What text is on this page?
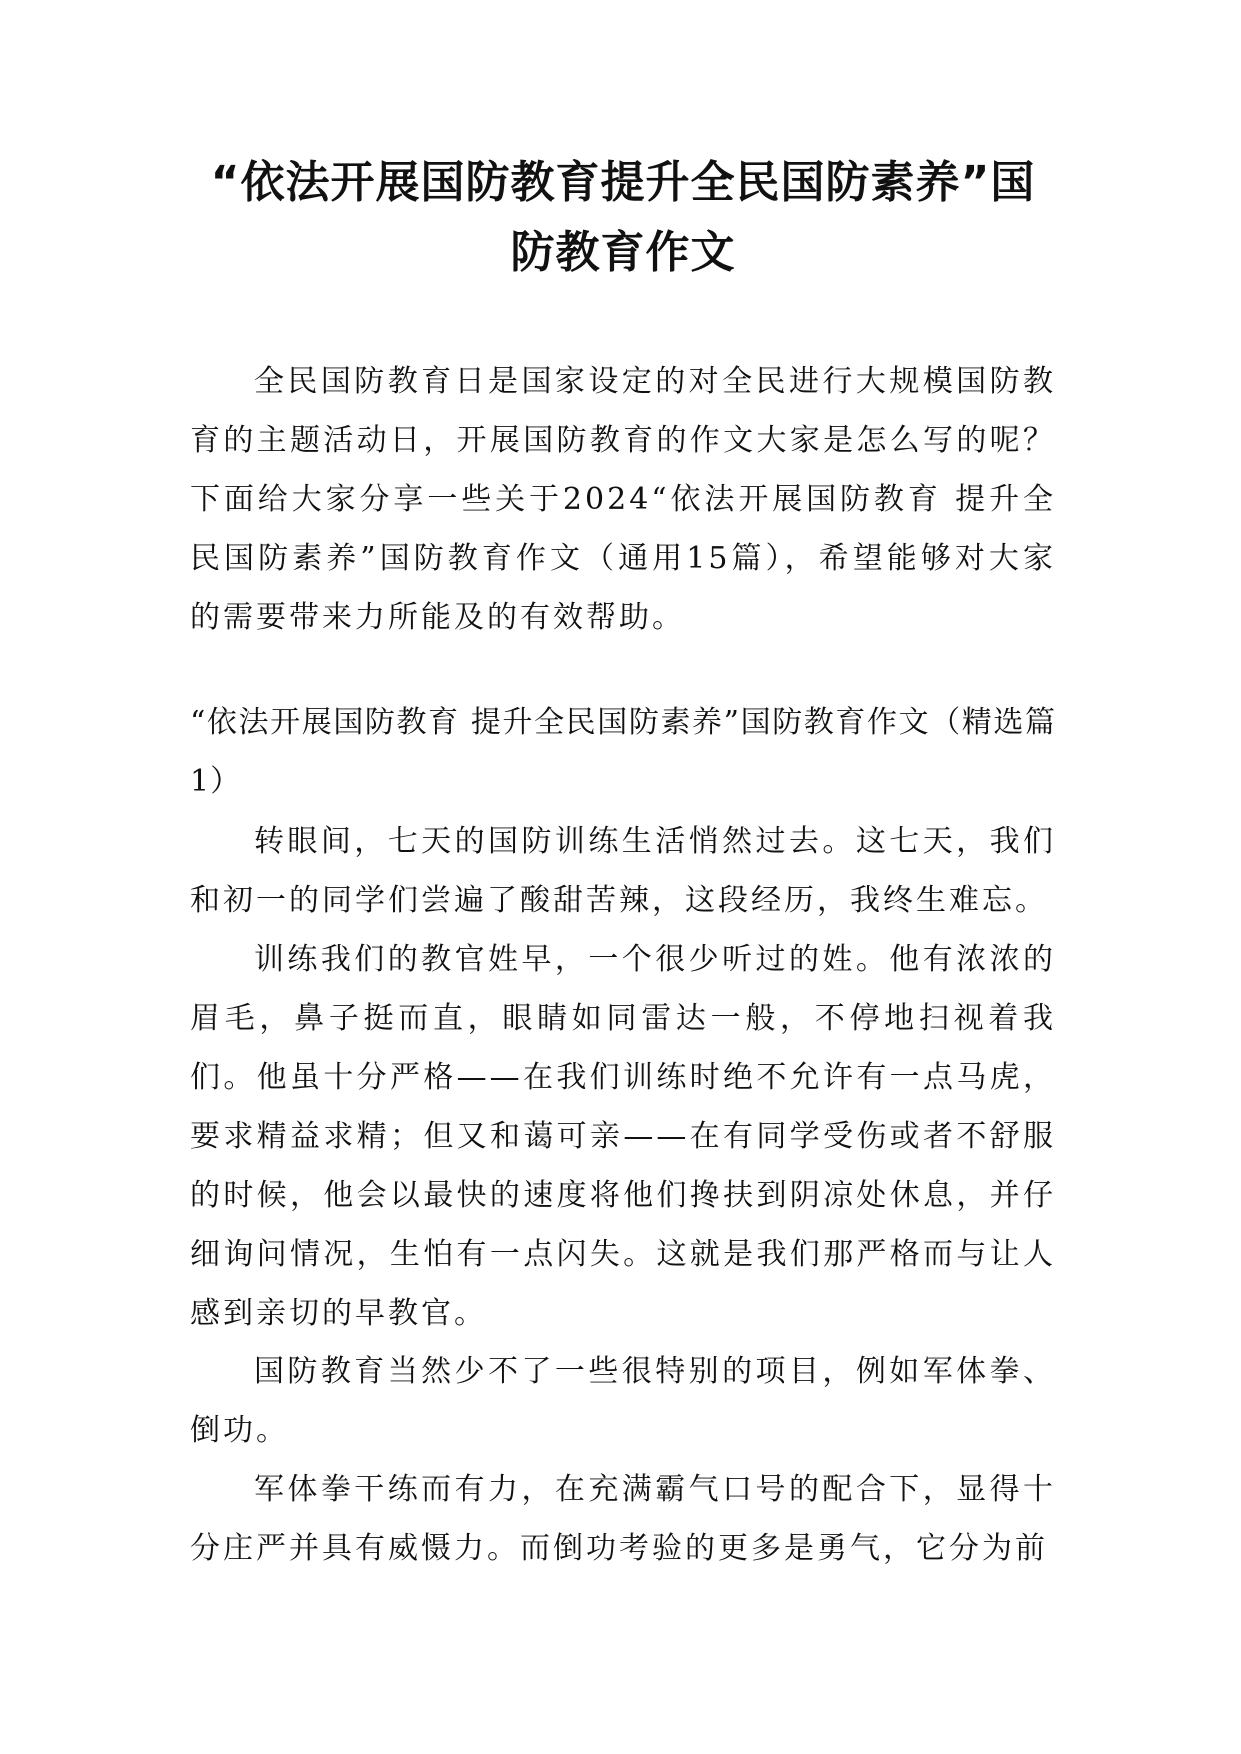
“依法开展国防教育提升全民国防素养”国防教育作文

全民国防教育日是国家设定的对全民进行大规模国防教育的主题活动日，开展国防教育的作文大家是怎么写的呢？下面给大家分享一些关于2024“依法开展国防教育 提升全民国防素养”国防教育作文（通用15篇），希望能够对大家的需要带来力所能及的有效帮助。

“依法开展国防教育 提升全民国防素养”国防教育作文（精选篇1）

转眼间，七天的国防训练生活悄然过去。这七天，我们和初一的同学们尝遍了酸甜苦辣，这段经历，我终生难忘。

训练我们的教官姓早，一个很少听过的姓。他有浓浓的眉毛，鼻子挺而直，眼睛如同雷达一般，不停地扫视着我们。他虽十分严格——在我们训练时绝不允许有一点马虎，要求精益求精；但又和蔼可亲——在有同学受伤或者不舒服的时候，他会以最快的速度将他们搀扶到阴凉处休息，并仔细询问情况，生怕有一点闪失。这就是我们那严格而与让人感到亲切的早教官。

国防教育当然少不了一些很特别的项目，例如军体拳、倒功。

军体拳干练而有力，在充满霸气口号的配合下，显得十分庄严并具有威慑力。而倒功考验的更多是勇气，它分为前
